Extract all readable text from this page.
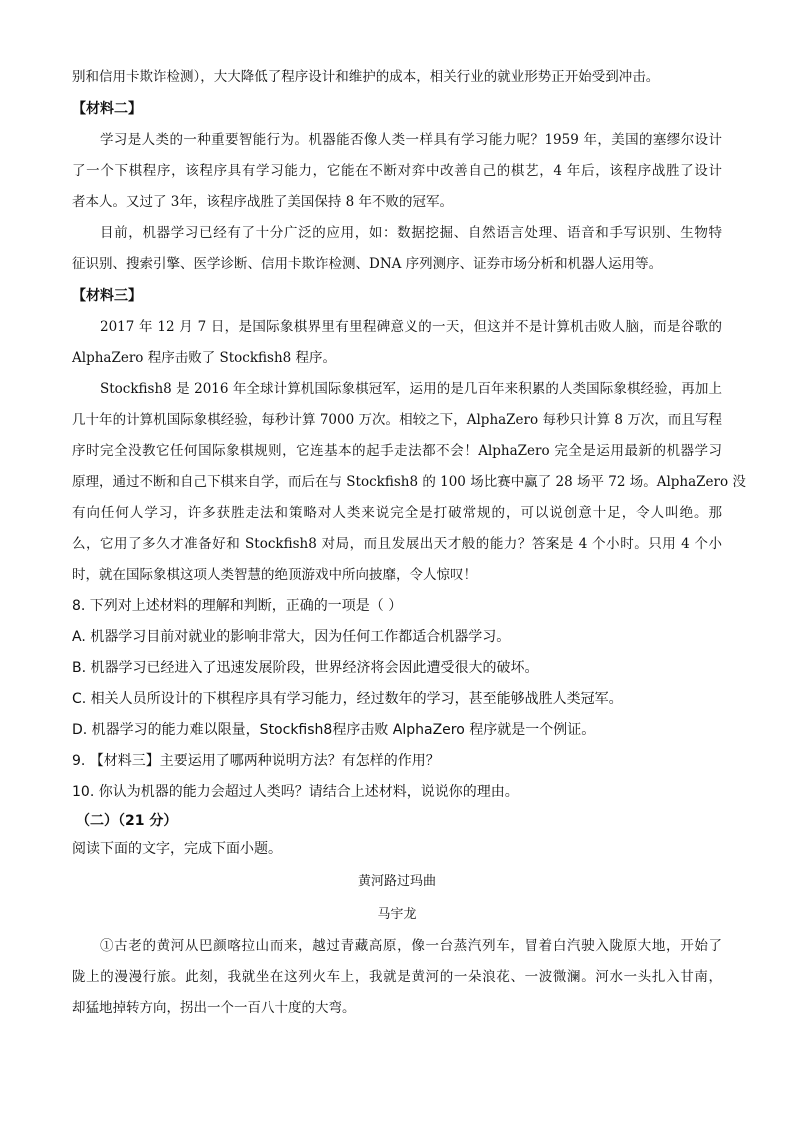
别和信用卡欺诈检测），大大降低了程序设计和维护的成本，相关行业的就业形势正开始受到冲击。

【材料二】

学习是人类的一种重要智能行为。机器能否像人类一样具有学习能力呢？1959 年，美国的塞缪尔设计
了一个下棋程序，该程序具有学习能力，它能在不断对弈中改善自己的棋艺，4 年后，该程序战胜了设计
者本人。又过了 3年，该程序战胜了美国保持 8 年不败的冠军。
目前，机器学习已经有了十分广泛的应用，如：数据挖掘、自然语言处理、语音和手写识别、生物特
征识别、搜索引擎、医学诊断、信用卡欺诈检测、DNA 序列测序、证券市场分析和机器人运用等。

【材料三】

2017 年 12 月 7 日，是国际象棋界里有里程碑意义的一天，但这并不是计算机击败人脑，而是谷歌的
AlphaZero 程序击败了 Stockfish8 程序。
Stockfish8 是 2016 年全球计算机国际象棋冠军，运用的是几百年来积累的人类国际象棋经验，再加上
几十年的计算机国际象棋经验，每秒计算 7000 万次。相较之下，AlphaZero 每秒只计算 8 万次，而且写程
序时完全没教它任何国际象棋规则，它连基本的起手走法都不会！AlphaZero 完全是运用最新的机器学习
原理，通过不断和自己下棋来自学，而后在与 Stockfish8 的 100 场比赛中赢了 28 场平 72 场。AlphaZero 没
有向任何人学习，许多获胜走法和策略对人类来说完全是打破常规的，可以说创意十足，令人叫绝。那
么，它用了多久才准备好和 Stockfish8 对局，而且发展出天才般的能力？答案是 4 个小时。只用 4 个小
时，就在国际象棋这项人类智慧的绝顶游戏中所向披靡，令人惊叹！

8. 下列对上述材料的理解和判断，正确的一项是（ ）

A. 机器学习目前对就业的影响非常大，因为任何工作都适合机器学习。

B. 机器学习已经进入了迅速发展阶段，世界经济将会因此遭受很大的破坏。

C. 相关人员所设计的下棋程序具有学习能力，经过数年的学习，甚至能够战胜人类冠军。

D. 机器学习的能力难以限量，Stockfish8程序击败 AlphaZero 程序就是一个例证。

9. 【材料三】主要运用了哪两种说明方法？有怎样的作用？

10. 你认为机器的能力会超过人类吗？请结合上述材料，说说你的理由。

（二）（21 分）

阅读下面的文字，完成下面小题。

黄河路过玛曲

马宇龙

①古老的黄河从巴颜喀拉山而来，越过青藏高原，像一台蒸汽列车，冒着白汽驶入陇原大地，开始了
陇上的漫漫行旅。此刻，我就坐在这列火车上，我就是黄河的一朵浪花、一波微澜。河水一头扎入甘南，
却猛地掉转方向，拐出一个一百八十度的大弯。
